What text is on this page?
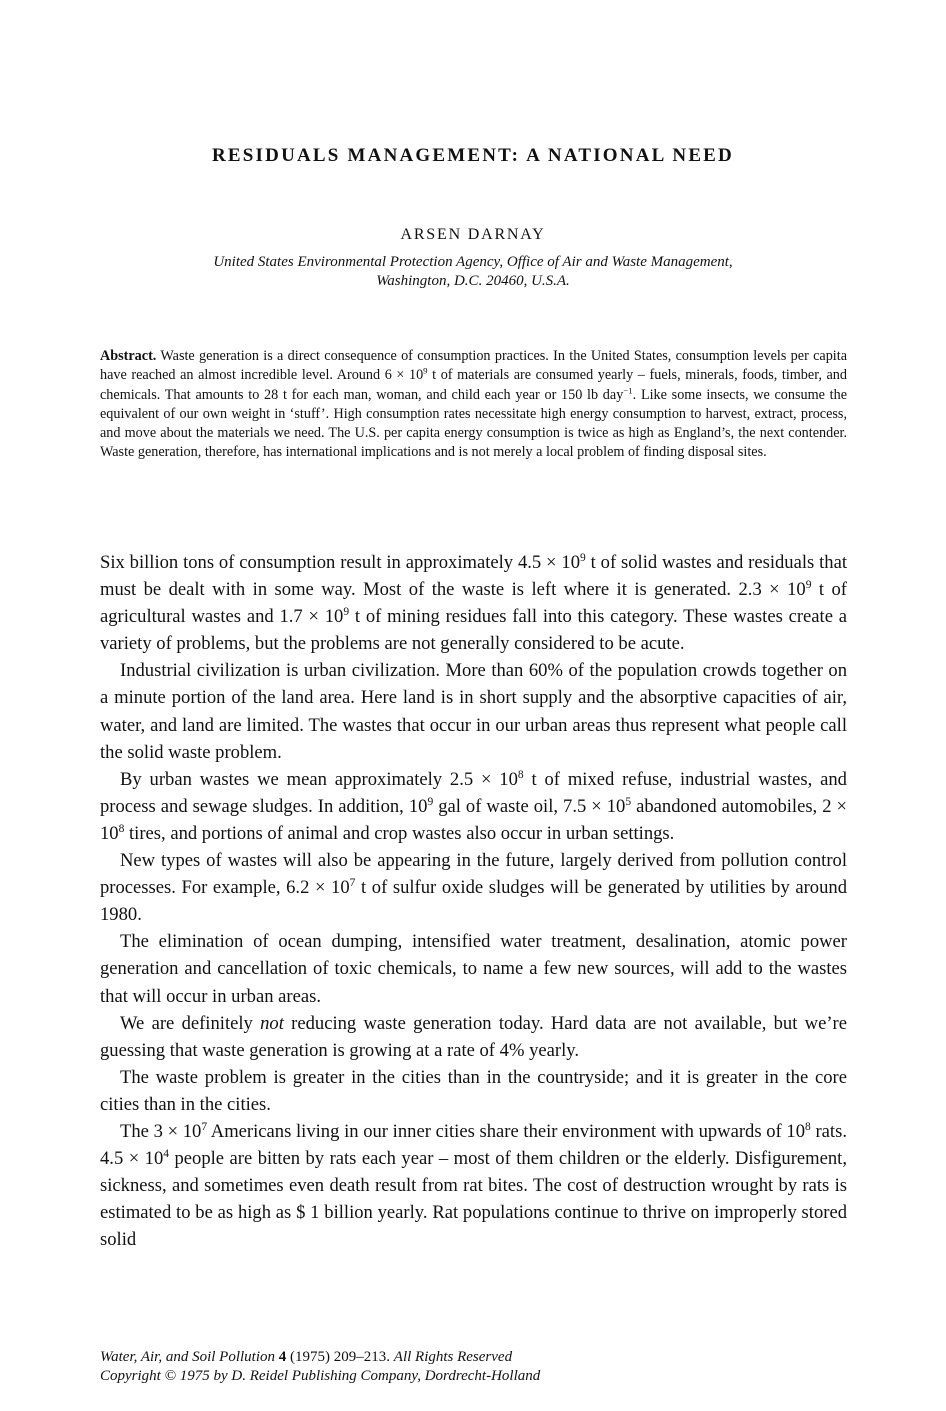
RESIDUALS MANAGEMENT: A NATIONAL NEED
ARSEN DARNAY
United States Environmental Protection Agency, Office of Air and Waste Management,
Washington, D.C. 20460, U.S.A.
Abstract. Waste generation is a direct consequence of consumption practices. In the United States, consumption levels per capita have reached an almost incredible level. Around $6 \times 10^9$ t of materials are consumed yearly – fuels, minerals, foods, timber, and chemicals. That amounts to 28 t for each man, woman, and child each year or 150 lb day$^{-1}$. Like some insects, we consume the equivalent of our own weight in ‘stuff’. High consumption rates necessitate high energy consumption to harvest, extract, process, and move about the materials we need. The U.S. per capita energy consumption is twice as high as England’s, the next contender. Waste generation, therefore, has international implications and is not merely a local problem of finding disposal sites.

Six billion tons of consumption result in approximately $4.5 \times 10^9$ t of solid wastes and residuals that must be dealt with in some way. Most of the waste is left where it is generated. $2.3 \times 10^9$ t of agricultural wastes and $1.7 \times 10^9$ t of mining residues fall into this category. These wastes create a variety of problems, but the problems are not generally considered to be acute.

Industrial civilization is urban civilization. More than 60% of the population crowds together on a minute portion of the land area. Here land is in short supply and the absorptive capacities of air, water, and land are limited. The wastes that occur in our urban areas thus represent what people call the solid waste problem.

By urban wastes we mean approximately $2.5 \times 10^8$ t of mixed refuse, industrial wastes, and process and sewage sludges. In addition, $10^9$ gal of waste oil, $7.5 \times 10^5$ abandoned automobiles, $2 \times 10^8$ tires, and portions of animal and crop wastes also occur in urban settings.

New types of wastes will also be appearing in the future, largely derived from pollution control processes. For example, $6.2 \times 10^7$ t of sulfur oxide sludges will be generated by utilities by around 1980.

The elimination of ocean dumping, intensified water treatment, desalination, atomic power generation and cancellation of toxic chemicals, to name a few new sources, will add to the wastes that will occur in urban areas.

We are definitely not reducing waste generation today. Hard data are not available, but we’re guessing that waste generation is growing at a rate of 4% yearly.

The waste problem is greater in the cities than in the countryside; and it is greater in the core cities than in the cities.

The $3 \times 10^7$ Americans living in our inner cities share their environment with upwards of $10^8$ rats. $4.5 \times 10^4$ people are bitten by rats each year – most of them children or the elderly. Disfigurement, sickness, and sometimes even death result from rat bites. The cost of destruction wrought by rats is estimated to be as high as $ 1 billion yearly. Rat populations continue to thrive on improperly stored solid

Water, Air, and Soil Pollution 4 (1975) 209–213. All Rights Reserved
Copyright © 1975 by D. Reidel Publishing Company, Dordrecht-Holland
